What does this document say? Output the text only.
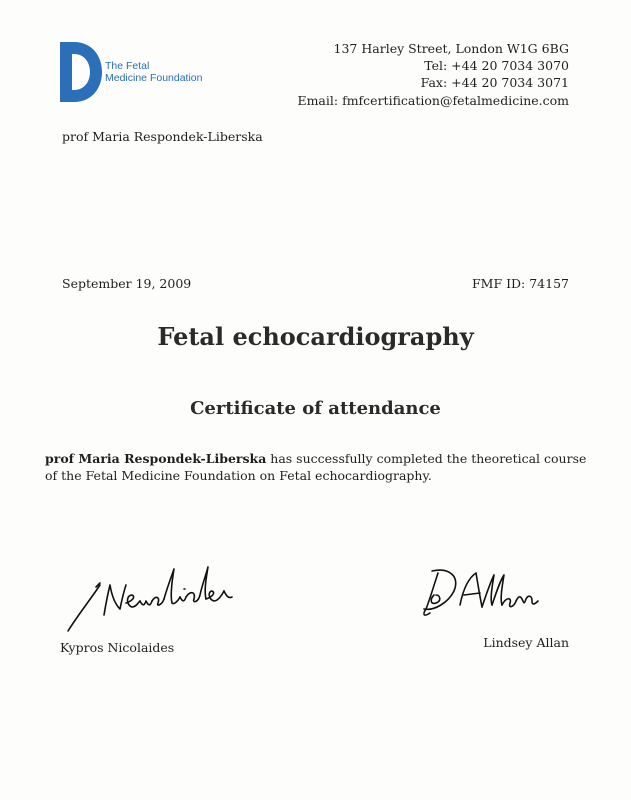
The Fetal
Medicine Foundation
137 Harley Street, London W1G 6BG
Tel: +44 20 7034 3070
Fax: +44 20 7034 3071
Email: fmfcertification@fetalmedicine.com
prof Maria Respondek-Liberska
September 19, 2009	FMF ID: 74157
Fetal echocardiography
Certificate of attendance
prof Maria Respondek-Liberska has successfully completed the theoretical course of the Fetal Medicine Foundation on Fetal echocardiography.
Kypros Nicolaides	Lindsey Allan
